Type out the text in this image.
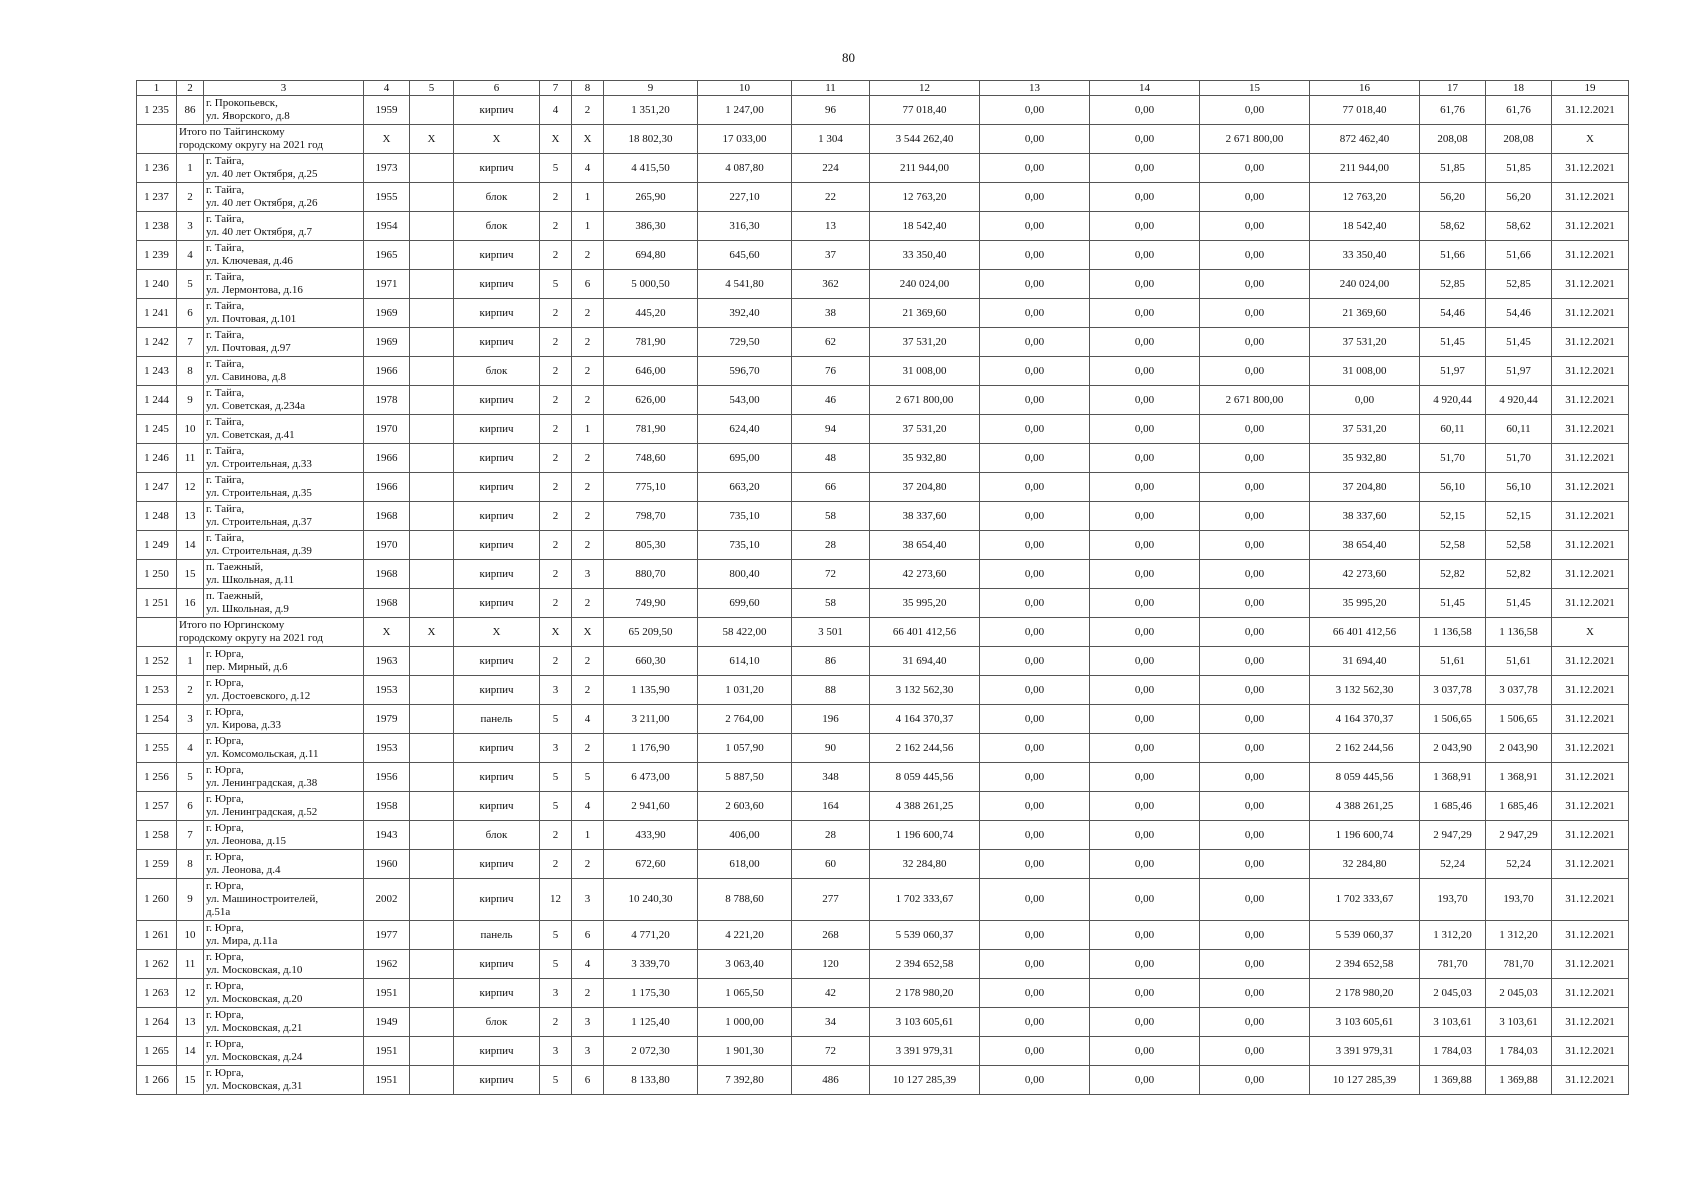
80
1	2	3	4	5	6	7	8	9	10	11	12	13	14	15	16	17	18	19
1 235	86	г. Прокопьевск,
ул. Яворского, д.8	1959		кирпич	4	2	1 351,20	1 247,00	96	77 018,40	0,00	0,00	0,00	77 018,40	61,76	61,76	31.12.2021

	Итого по Тайгинскому
городскому округу на 2021 год		X	X	X	X	X	18 802,30	17 033,00	1 304	3 544 262,40	0,00	0,00	2 671 800,00	872 462,40	208,08	208,08	X
1 236	1	г. Тайга,
ул. 40 лет Октября, д.25	1973		кирпич	5	4	4 415,50	4 087,80	224	211 944,00	0,00	0,00	0,00	211 944,00	51,85	51,85	31.12.2021
1 237	2	г. Тайга,
ул. 40 лет Октября, д.26	1955		блок	2	1	265,90	227,10	22	12 763,20	0,00	0,00	0,00	12 763,20	56,20	56,20	31.12.2021
1 238	3	г. Тайга,
ул. 40 лет Октября, д.7	1954		блок	2	1	386,30	316,30	13	18 542,40	0,00	0,00	0,00	18 542,40	58,62	58,62	31.12.2021
1 239	4	г. Тайга,
ул. Ключевая, д.46	1965		кирпич	2	2	694,80	645,60	37	33 350,40	0,00	0,00	0,00	33 350,40	51,66	51,66	31.12.2021
1 240	5	г. Тайга,
ул. Лермонтова, д.16	1971		кирпич	5	6	5 000,50	4 541,80	362	240 024,00	0,00	0,00	0,00	240 024,00	52,85	52,85	31.12.2021
1 241	6	г. Тайга,
ул. Почтовая, д.101	1969		кирпич	2	2	445,20	392,40	38	21 369,60	0,00	0,00	0,00	21 369,60	54,46	54,46	31.12.2021
1 242	7	г. Тайга,
ул. Почтовая, д.97	1969		кирпич	2	2	781,90	729,50	62	37 531,20	0,00	0,00	0,00	37 531,20	51,45	51,45	31.12.2021
1 243	8	г. Тайга,
ул. Савинова, д.8	1966		блок	2	2	646,00	596,70	76	31 008,00	0,00	0,00	0,00	31 008,00	51,97	51,97	31.12.2021
1 244	9	г. Тайга,
ул. Советская, д.234а	1978		кирпич	2	2	626,00	543,00	46	2 671 800,00	0,00	0,00	2 671 800,00	0,00	4 920,44	4 920,44	31.12.2021
1 245	10	г. Тайга,
ул. Советская, д.41	1970		кирпич	2	1	781,90	624,40	94	37 531,20	0,00	0,00	0,00	37 531,20	60,11	60,11	31.12.2021
1 246	11	г. Тайга,
ул. Строительная, д.33	1966		кирпич	2	2	748,60	695,00	48	35 932,80	0,00	0,00	0,00	35 932,80	51,70	51,70	31.12.2021
1 247	12	г. Тайга,
ул. Строительная, д.35	1966		кирпич	2	2	775,10	663,20	66	37 204,80	0,00	0,00	0,00	37 204,80	56,10	56,10	31.12.2021
1 248	13	г. Тайга,
ул. Строительная, д.37	1968		кирпич	2	2	798,70	735,10	58	38 337,60	0,00	0,00	0,00	38 337,60	52,15	52,15	31.12.2021
1 249	14	г. Тайга,
ул. Строительная, д.39	1970		кирпич	2	2	805,30	735,10	28	38 654,40	0,00	0,00	0,00	38 654,40	52,58	52,58	31.12.2021
1 250	15	п. Таежный,
ул. Школьная, д.11	1968		кирпич	2	3	880,70	800,40	72	42 273,60	0,00	0,00	0,00	42 273,60	52,82	52,82	31.12.2021
1 251	16	п. Таежный,
ул. Школьная, д.9	1968		кирпич	2	2	749,90	699,60	58	35 995,20	0,00	0,00	0,00	35 995,20	51,45	51,45	31.12.2021

	Итого по Юргинскому
городскому округу на 2021 год		X	X	X	X	X	65 209,50	58 422,00	3 501	66 401 412,56	0,00	0,00	0,00	66 401 412,56	1 136,58	1 136,58	X
1 252	1	г. Юрга,
пер. Мирный, д.6	1963		кирпич	2	2	660,30	614,10	86	31 694,40	0,00	0,00	0,00	31 694,40	51,61	51,61	31.12.2021
1 253	2	г. Юрга,
ул. Достоевского, д.12	1953		кирпич	3	2	1 135,90	1 031,20	88	3 132 562,30	0,00	0,00	0,00	3 132 562,30	3 037,78	3 037,78	31.12.2021
1 254	3	г. Юрга,
ул. Кирова, д.33	1979		панель	5	4	3 211,00	2 764,00	196	4 164 370,37	0,00	0,00	0,00	4 164 370,37	1 506,65	1 506,65	31.12.2021
1 255	4	г. Юрга,
ул. Комсомольская, д.11	1953		кирпич	3	2	1 176,90	1 057,90	90	2 162 244,56	0,00	0,00	0,00	2 162 244,56	2 043,90	2 043,90	31.12.2021
1 256	5	г. Юрга,
ул. Ленинградская, д.38	1956		кирпич	5	5	6 473,00	5 887,50	348	8 059 445,56	0,00	0,00	0,00	8 059 445,56	1 368,91	1 368,91	31.12.2021
1 257	6	г. Юрга,
ул. Ленинградская, д.52	1958		кирпич	5	4	2 941,60	2 603,60	164	4 388 261,25	0,00	0,00	0,00	4 388 261,25	1 685,46	1 685,46	31.12.2021
1 258	7	г. Юрга,
ул. Леонова, д.15	1943		блок	2	1	433,90	406,00	28	1 196 600,74	0,00	0,00	0,00	1 196 600,74	2 947,29	2 947,29	31.12.2021
1 259	8	г. Юрга,
ул. Леонова, д.4	1960		кирпич	2	2	672,60	618,00	60	32 284,80	0,00	0,00	0,00	32 284,80	52,24	52,24	31.12.2021
1 260	9	г. Юрга,
ул. Машиностроителей,
д.51а	2002		кирпич	12	3	10 240,30	8 788,60	277	1 702 333,67	0,00	0,00	0,00	1 702 333,67	193,70	193,70	31.12.2021
1 261	10	г. Юрга,
ул. Мира, д.11а	1977		панель	5	6	4 771,20	4 221,20	268	5 539 060,37	0,00	0,00	0,00	5 539 060,37	1 312,20	1 312,20	31.12.2021
1 262	11	г. Юрга,
ул. Московская, д.10	1962		кирпич	5	4	3 339,70	3 063,40	120	2 394 652,58	0,00	0,00	0,00	2 394 652,58	781,70	781,70	31.12.2021
1 263	12	г. Юрга,
ул. Московская, д.20	1951		кирпич	3	2	1 175,30	1 065,50	42	2 178 980,20	0,00	0,00	0,00	2 178 980,20	2 045,03	2 045,03	31.12.2021
1 264	13	г. Юрга,
ул. Московская, д.21	1949		блок	2	3	1 125,40	1 000,00	34	3 103 605,61	0,00	0,00	0,00	3 103 605,61	3 103,61	3 103,61	31.12.2021
1 265	14	г. Юрга,
ул. Московская, д.24	1951		кирпич	3	3	2 072,30	1 901,30	72	3 391 979,31	0,00	0,00	0,00	3 391 979,31	1 784,03	1 784,03	31.12.2021
1 266	15	г. Юрга,
ул. Московская, д.31	1951		кирпич	5	6	8 133,80	7 392,80	486	10 127 285,39	0,00	0,00	0,00	10 127 285,39	1 369,88	1 369,88	31.12.2021
